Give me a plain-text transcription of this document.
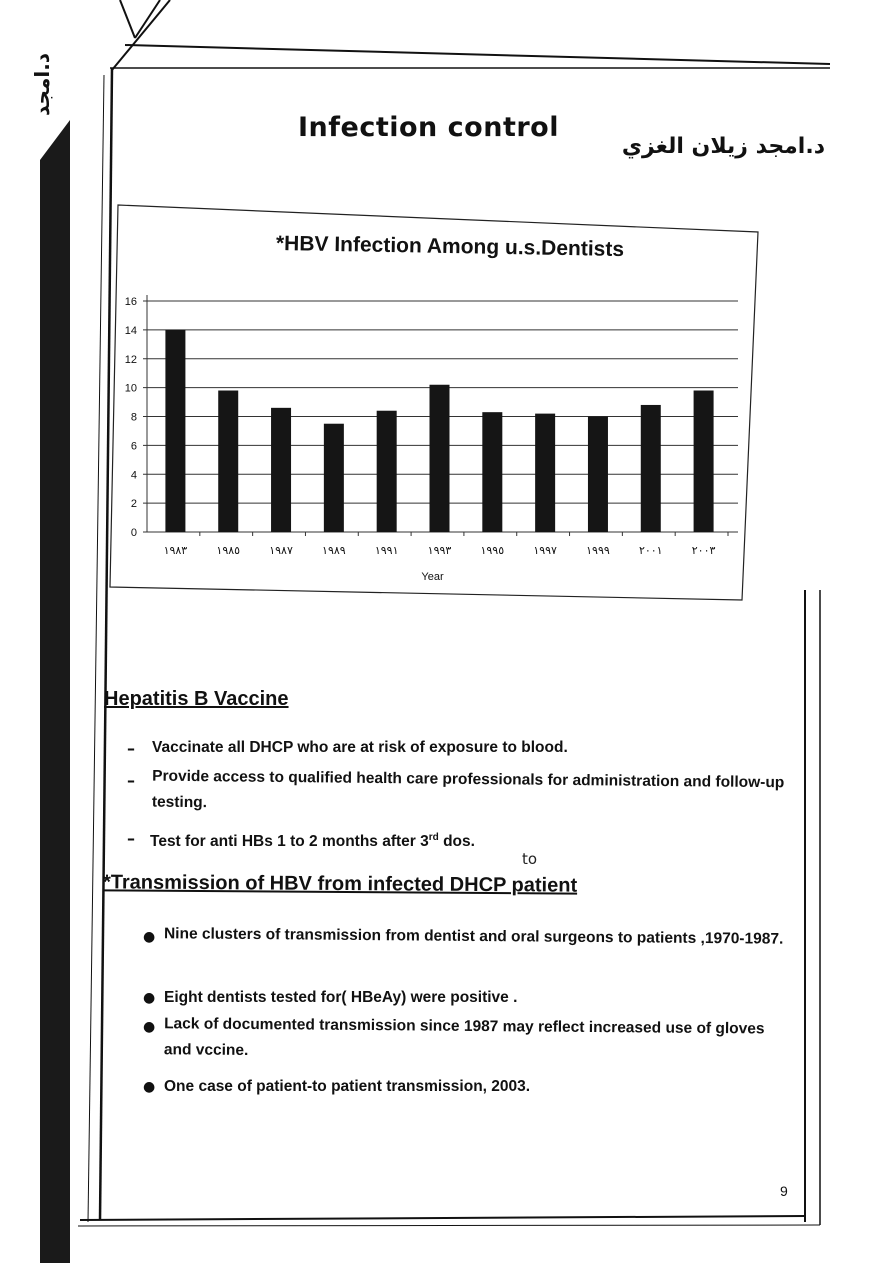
د.امجد
Infection control
د.امجد زيلان الغزي
0
2
4
6
8
10
12
14
16
١٩٨٣	١٩٨٥	١٩٨٧	١٩٨٩	١٩٩١	١٩٩٣	١٩٩٥	١٩٩٧	١٩٩٩	٢٠٠١	٢٠٠٣
Year
*HBV Infection Among u.s.Dentists
Hepatitis B Vaccine
– Vaccinate all DHCP who are at risk of exposure to blood.
– Provide access to qualified health care professionals for administration and follow-up testing.
– Test for anti HBs 1 to 2 months after 3rd dos.
to
*Transmission of HBV from infected DHCP patient
● Nine clusters of transmission from dentist and oral surgeons to patients ,1970-1987.
● Eight dentists tested for( HBeAy) were positive .
● Lack of documented transmission since 1987 may reflect increased use of gloves and vccine.
● One case of patient-to patient transmission, 2003.
9
